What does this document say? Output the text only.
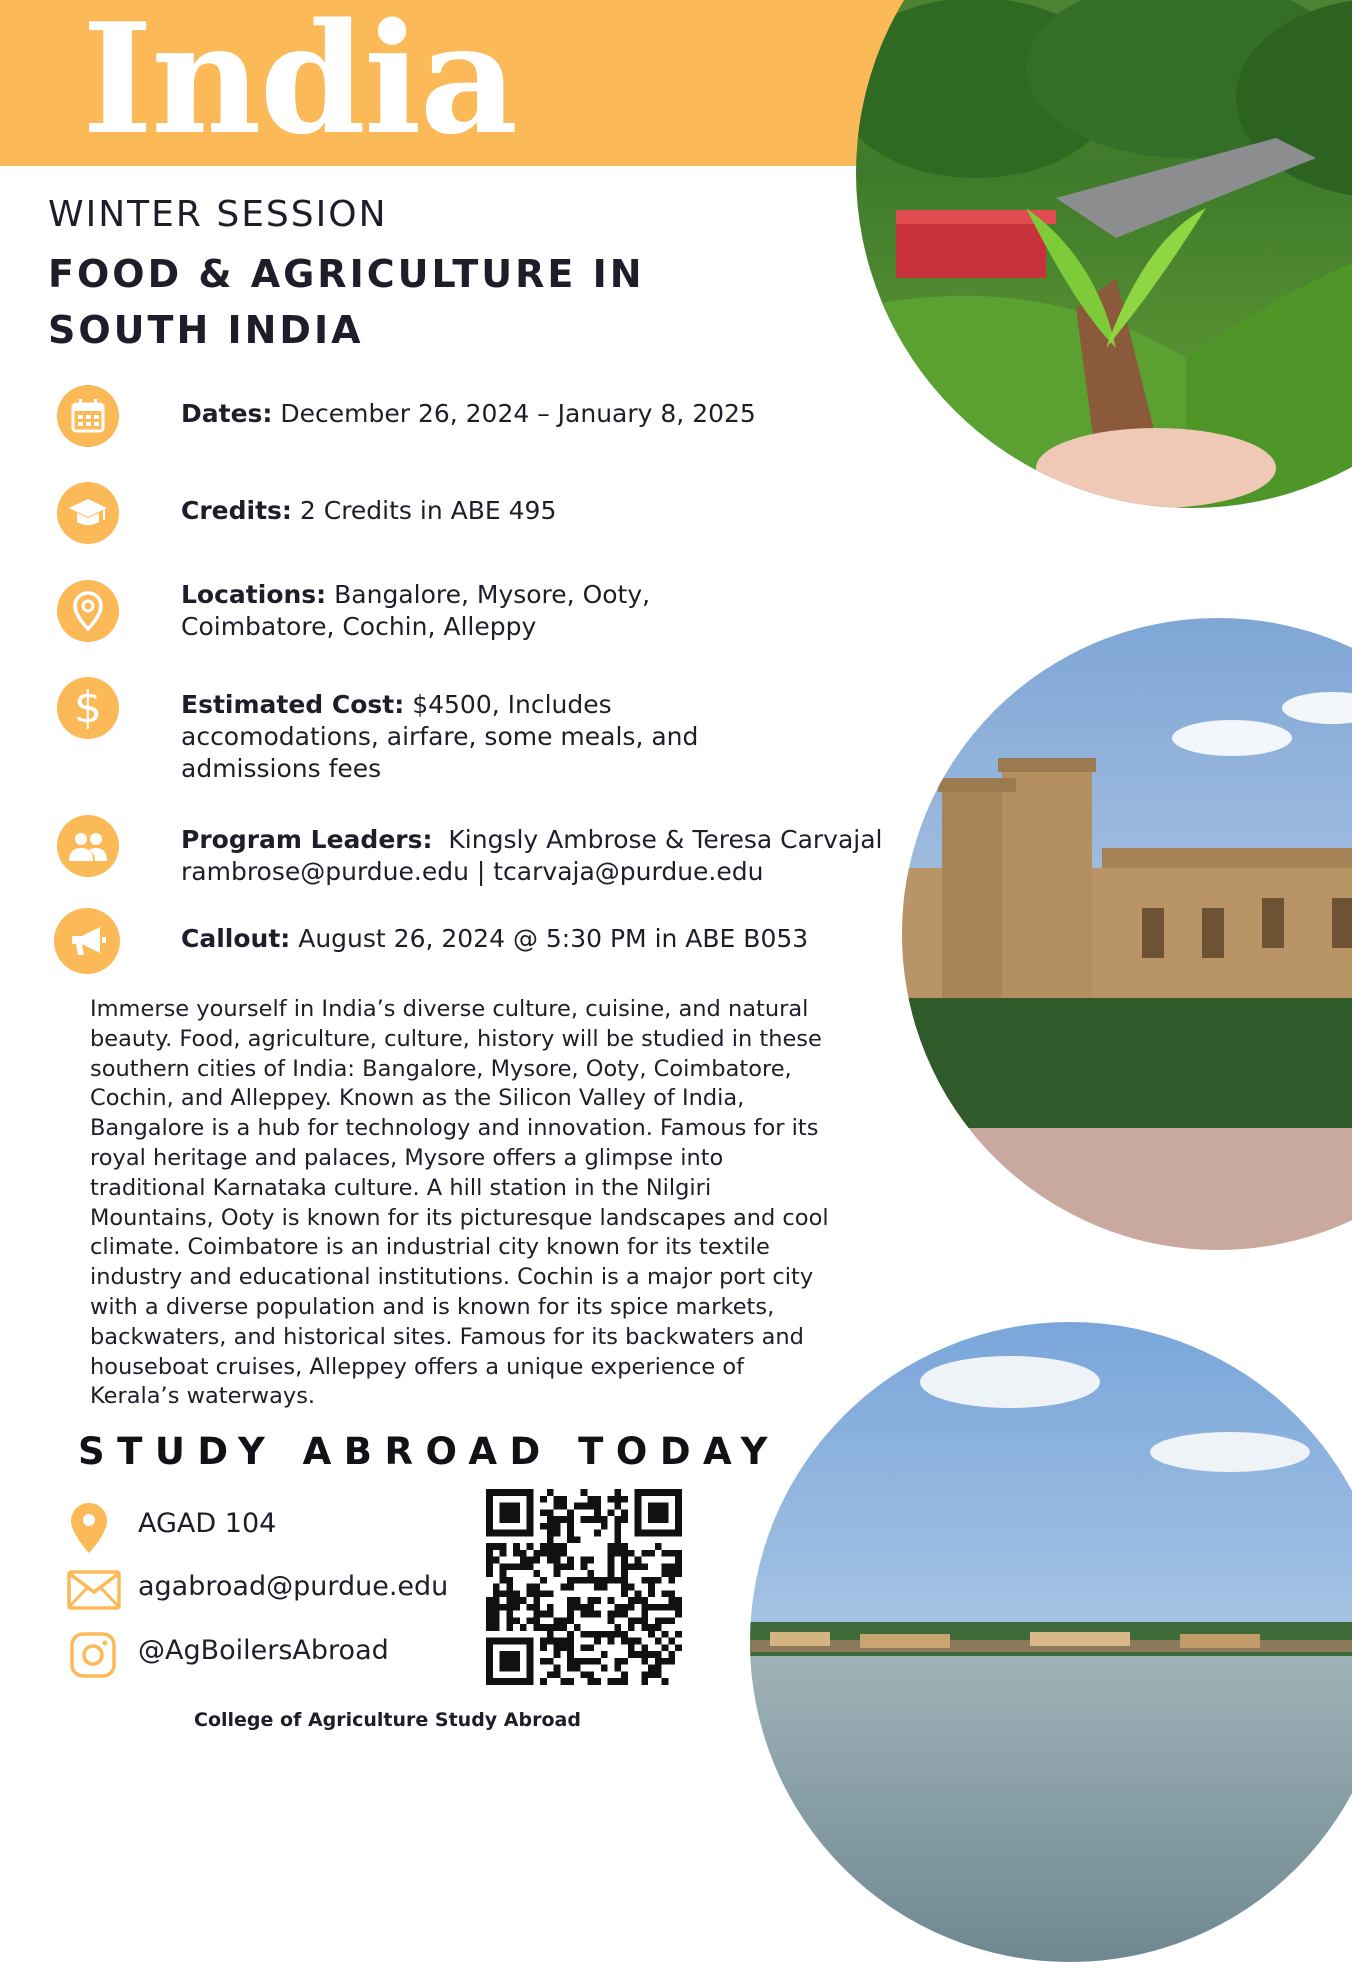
India
WINTER SESSION
FOOD & AGRICULTURE IN
SOUTH INDIA
Dates: December 26, 2024 – January 8, 2025
Credits: 2 Credits in ABE 495
Locations: Bangalore, Mysore, Ooty,
Coimbatore, Cochin, Alleppy
$	Estimated Cost: $4500, Includes
accomodations, airfare, some meals, and
admissions fees
Program Leaders: Kingsly Ambrose & Teresa Carvajal
rambrose@purdue.edu | tcarvaja@purdue.edu
Callout: August 26, 2024 @ 5:30 PM in ABE B053
Immerse yourself in India’s diverse culture, cuisine, and natural
beauty. Food, agriculture, culture, history will be studied in these
southern cities of India: Bangalore, Mysore, Ooty, Coimbatore,
Cochin, and Alleppey. Known as the Silicon Valley of India,
Bangalore is a hub for technology and innovation. Famous for its
royal heritage and palaces, Mysore offers a glimpse into
traditional Karnataka culture. A hill station in the Nilgiri
Mountains, Ooty is known for its picturesque landscapes and cool
climate. Coimbatore is an industrial city known for its textile
industry and educational institutions. Cochin is a major port city
with a diverse population and is known for its spice markets,
backwaters, and historical sites. Famous for its backwaters and
houseboat cruises, Alleppey offers a unique experience of
Kerala’s waterways.
STUDY ABROAD TODAY
AGAD 104
agabroad@purdue.edu
@AgBoilersAbroad
College of Agriculture Study Abroad
